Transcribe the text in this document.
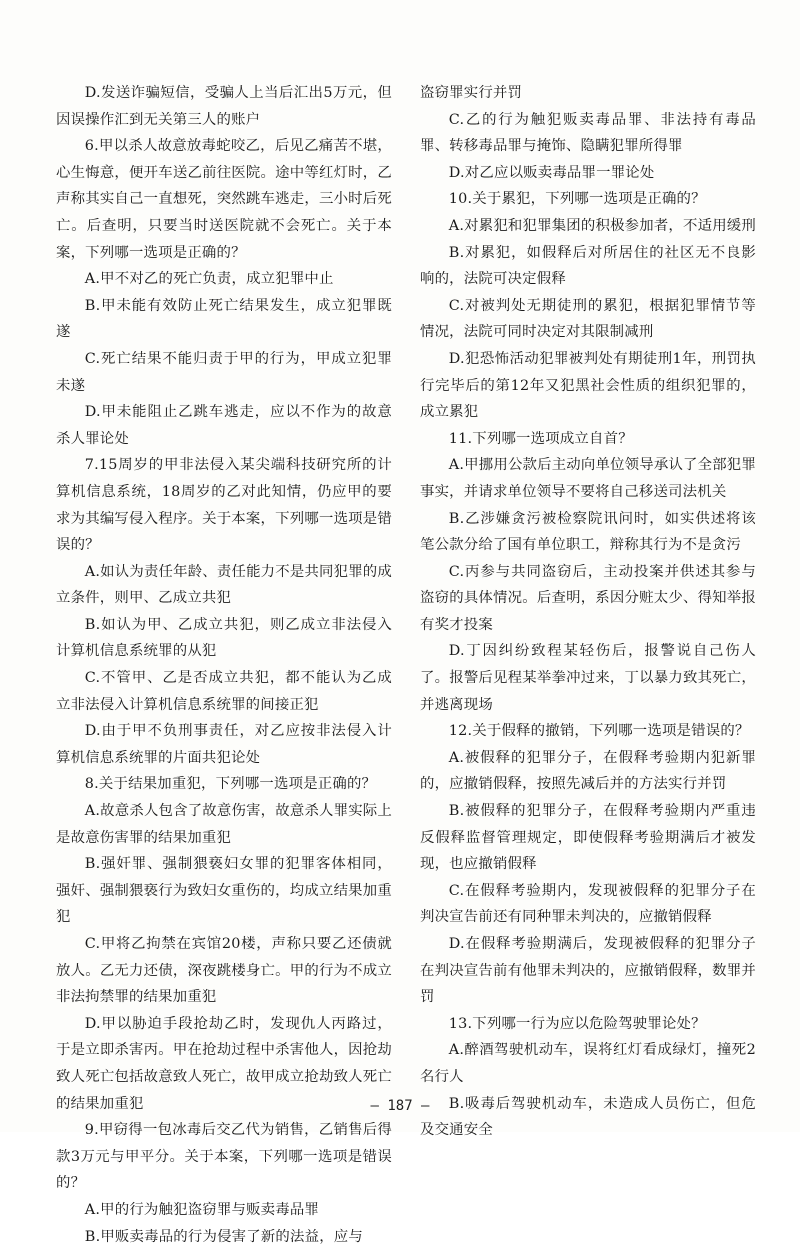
D.发送诈骗短信，受骗人上当后汇出5万元，但因误操作汇到无关第三人的账户

6.甲以杀人故意放毒蛇咬乙，后见乙痛苦不堪，心生悔意，便开车送乙前往医院。途中等红灯时，乙声称其实自己一直想死，突然跳车逃走，三小时后死亡。后查明，只要当时送医院就不会死亡。关于本案，下列哪一选项是正确的？

A.甲不对乙的死亡负责，成立犯罪中止

B.甲未能有效防止死亡结果发生，成立犯罪既遂

C.死亡结果不能归责于甲的行为，甲成立犯罪未遂

D.甲未能阻止乙跳车逃走，应以不作为的故意杀人罪论处

7.15周岁的甲非法侵入某尖端科技研究所的计算机信息系统，18周岁的乙对此知情，仍应甲的要求为其编写侵入程序。关于本案，下列哪一选项是错误的？

A.如认为责任年龄、责任能力不是共同犯罪的成立条件，则甲、乙成立共犯

B.如认为甲、乙成立共犯，则乙成立非法侵入计算机信息系统罪的从犯

C.不管甲、乙是否成立共犯，都不能认为乙成立非法侵入计算机信息系统罪的间接正犯

D.由于甲不负刑事责任，对乙应按非法侵入计算机信息系统罪的片面共犯论处

8.关于结果加重犯，下列哪一选项是正确的？

A.故意杀人包含了故意伤害，故意杀人罪实际上是故意伤害罪的结果加重犯

B.强奸罪、强制猥亵妇女罪的犯罪客体相同，强奸、强制猥亵行为致妇女重伤的，均成立结果加重犯

C.甲将乙拘禁在宾馆20楼，声称只要乙还债就放人。乙无力还债，深夜跳楼身亡。甲的行为不成立非法拘禁罪的结果加重犯

D.甲以胁迫手段抢劫乙时，发现仇人丙路过，于是立即杀害丙。甲在抢劫过程中杀害他人，因抢劫致人死亡包括故意致人死亡，故甲成立抢劫致人死亡的结果加重犯

9.甲窃得一包冰毒后交乙代为销售，乙销售后得款3万元与甲平分。关于本案，下列哪一选项是错误的？

A.甲的行为触犯盗窃罪与贩卖毒品罪

B.甲贩卖毒品的行为侵害了新的法益，应与

盗窃罪实行并罚

C.乙的行为触犯贩卖毒品罪、非法持有毒品罪、转移毒品罪与掩饰、隐瞒犯罪所得罪

D.对乙应以贩卖毒品罪一罪论处

10.关于累犯，下列哪一选项是正确的？

A.对累犯和犯罪集团的积极参加者，不适用缓刑

B.对累犯，如假释后对所居住的社区无不良影响的，法院可决定假释

C.对被判处无期徒刑的累犯，根据犯罪情节等情况，法院可同时决定对其限制减刑

D.犯恐怖活动犯罪被判处有期徒刑1年，刑罚执行完毕后的第12年又犯黑社会性质的组织犯罪的，成立累犯

11.下列哪一选项成立自首？

A.甲挪用公款后主动向单位领导承认了全部犯罪事实，并请求单位领导不要将自己移送司法机关

B.乙涉嫌贪污被检察院讯问时，如实供述将该笔公款分给了国有单位职工，辩称其行为不是贪污

C.丙参与共同盗窃后，主动投案并供述其参与盗窃的具体情况。后查明，系因分赃太少、得知举报有奖才投案

D.丁因纠纷致程某轻伤后，报警说自己伤人了。报警后见程某举拳冲过来，丁以暴力致其死亡，并逃离现场

12.关于假释的撤销，下列哪一选项是错误的？

A.被假释的犯罪分子，在假释考验期内犯新罪的，应撤销假释，按照先减后并的方法实行并罚

B.被假释的犯罪分子，在假释考验期内严重违反假释监督管理规定，即使假释考验期满后才被发现，也应撤销假释

C.在假释考验期内，发现被假释的犯罪分子在判决宣告前还有同种罪未判决的，应撤销假释

D.在假释考验期满后，发现被假释的犯罪分子在判决宣告前有他罪未判决的，应撤销假释，数罪并罚

13.下列哪一行为应以危险驾驶罪论处？

A.醉酒驾驶机动车，误将红灯看成绿灯，撞死2名行人

B.吸毒后驾驶机动车，未造成人员伤亡，但危及交通安全

— 187 —
